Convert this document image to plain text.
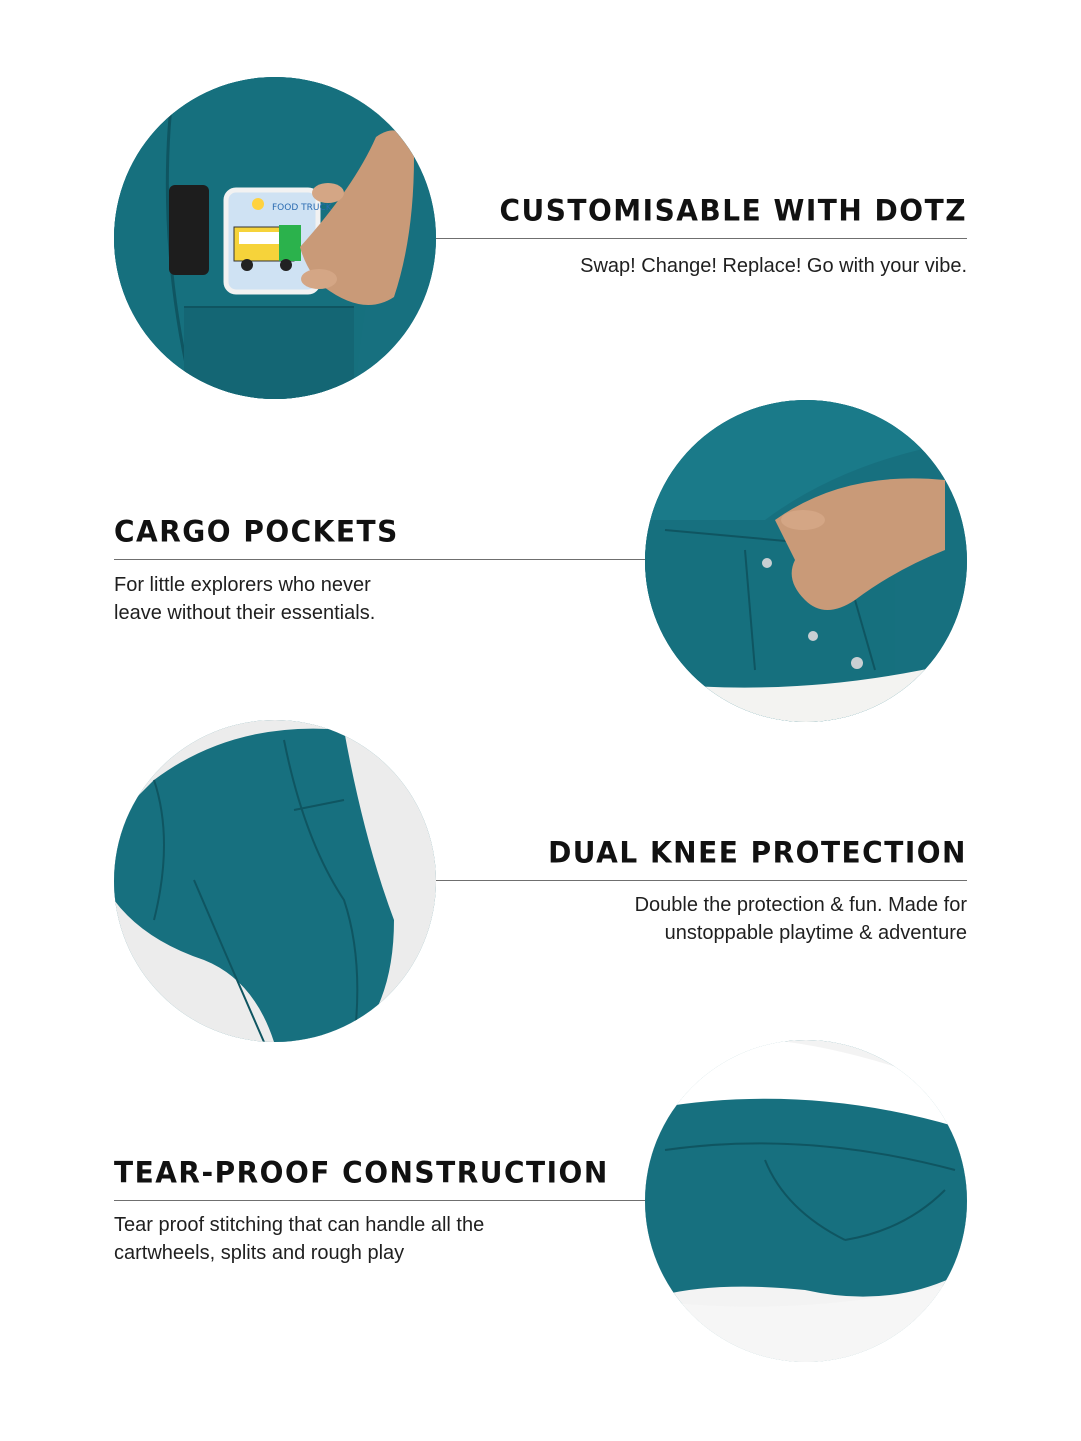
FOOD TRUCK	CUSTOMISABLE WITH DOTZ

Swap! Change! Replace! Go with your vibe.

CARGO POCKETS

For little explorers who never
leave without their essentials.

DUAL KNEE PROTECTION

Double the protection & fun. Made for
unstoppable playtime & adventure

TEAR-PROOF CONSTRUCTION

Tear proof stitching that can handle all the
cartwheels, splits and rough play
